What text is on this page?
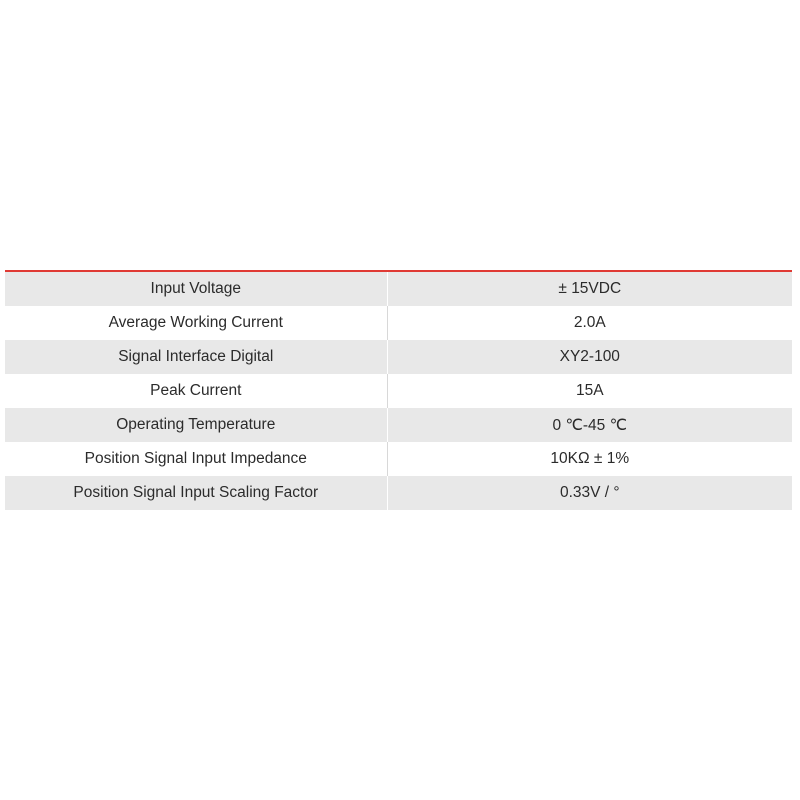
Input Voltage	± 15VDC
Average Working Current	2.0A
Signal Interface Digital	XY2-100
Peak Current	15A
Operating Temperature	0 ℃-45 ℃
Position Signal Input Impedance	10KΩ ± 1%
Position Signal Input Scaling Factor	0.33V / °
